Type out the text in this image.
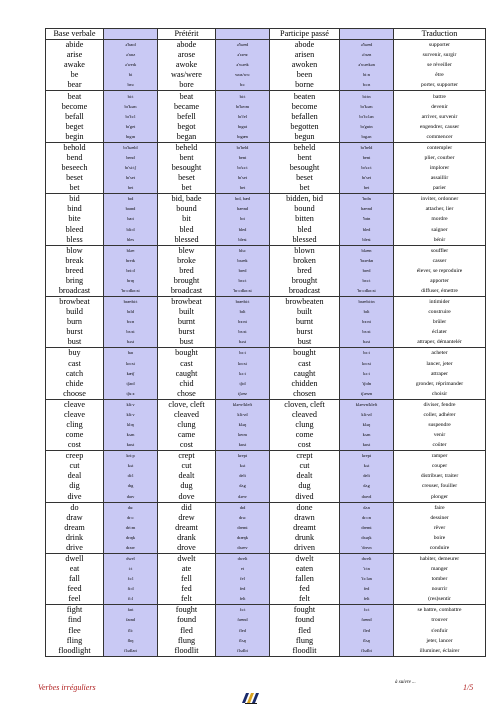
Base verbale		Prétérit		Participe passé		Traduction
abide	ə'baɪd	abode	ə'bəʊd	abode	ə'bəʊd	supporter
arise	ə'raɪz	arose	ə'rəʊz	arisen	ə'rɪzn	survenir, surgir
awake	ə'weɪk	awoke	ə'wəʊk	awoken	ə'wəʊkən	se réveiller
be	bi	was/were	wɒz/wɜː	been	biːn	être
bear	beə	bore	bɔː	borne	bɔːn	porter, supporter
beat	biːt	beat	biːt	beaten	biːtn	battre
become	bɪ'kʌm	became	bɪ'keɪm	become	bɪ'kʌm	devenir
befall	bɪ'fɔːl	befell	bɪ'fel	befallen	bɪ'fɔːlən	arriver, survenir
beget	bɪ'get	begot	bɪgɒt	begotten	bɪ'gɒtn	engendrer, causer
begin	bɪgɪn	began	bɪgæn	begun	bɪgʌn	commencer
behold	bɪ'həʊld	beheld	bɪ'held	beheld	bɪ'held	contempler
bend	bend	bent	bent	bent	bent	plier, courber
beseech	bɪ'siːtʃ	besought	bɪ'sɔːt	besought	bɪ'sɔːt	implorer
beset	bɪ'set	beset	bɪ'set	beset	bɪ'set	assaillir
bet	bet	bet	bet	bet	bet	parier
bid	bɪd	bid, bade	bɪd, bæd	bidden, bid	'bɪdn	inviter, ordonner
bind	baɪnd	bound	baʊnd	bound	baʊnd	attacher, lier
bite	baɪt	bit	bɪt	bitten	'bɪtn	mordre
bleed	bliːd	bled	bled	bled	bled	saigner
bless	bles	blessed	blest	blessed	blest	bénir
blow	bləʊ	blew	bluː	blown	bləʊn	souffler
break	breɪk	broke	brəʊk	broken	'brəʊkn	casser
breed	briːd	bred	bred	bred	bred	élever, se reproduire
bring	brɪŋ	brought	brɔːt	brought	brɔːt	apporter
broadcast	'brɔːdkɑːst	broadcast	'brɔːdkɑːst	broadcast	'brɔːdkɑːst	diffuser, émettre
browbeat	braʊbiːt	browbeat	braʊbiːt	browbeaten	braʊbiːtn	intimider
build	bɪld	built	bɪlt	built	bɪlt	construire
burn	bɜːn	burnt	bɜːnt	burnt	bɜːnt	brûler
burst	bɜːst	burst	bɜːst	burst	bɜːst	éclater
bust	bʌst	bust	bʌst	bust	bʌst	attraper, démantelér
buy	baɪ	bought	bɔːt	bought	bɔːt	acheter
cast	kɑːst	cast	kɑːst	cast	kɑːst	lancer, jeter
catch	kætʃ	caught	kɔːt	caught	kɔːt	attraper
chide	tʃaɪd	chid	tʃɪd	chidden	'tʃɪdn	gronder, réprimander
choose	tʃuːz	chose	tʃəʊz	chosen	tʃəʊzn	choisir
cleave	kliːv	clove, cleft	kləʊv/kleft	cloven, cleft	kləʊvn/kleft	diviser, fendre
cleave	kliːv	cleaved	kliːvd	cleaved	kliːvd	coller, adhérer
cling	klɪŋ	clung	klʌŋ	clung	klʌŋ	suspendre
come	kʌm	came	keɪm	come	kʌm	venir
cost	kɒst	cost	kɒst	cost	kɒst	coûter
creep	kriːp	crept	krept	crept	krept	ramper
cut	kʌt	cut	kʌt	cut	kʌt	couper
deal	diːl	dealt	delt	dealt	delt	distribuer, traiter
dig	dɪg	dug	dʌg	dug	dʌg	creuser, fouiller
dive	daɪv	dove	dəʊv	dived	daɪvd	plonger
do	duː	did	dɪd	done	dʌn	faire
draw	drɔː	drew	druː	drawn	drɔːn	dessiner
dream	driːm	dreamt	dremt	dreamt	dremt	rêver
drink	drɪŋk	drank	dræŋk	drunk	drʌŋk	boire
drive	draɪv	drove	drəʊv	driven	'drɪvn	conduire
dwell	dwel	dwelt	dwelt	dwelt	dwelt	habiter, demeurer
eat	iːt	ate	et	eaten	'iːtn	manger
fall	fɔːl	fell	fel	fallen	'fɔːlən	tomber
feed	fiːd	fed	fed	fed	fed	nourrir
feel	fiːl	felt	felt	felt	felt	(res)sentir
fight	faɪt	fought	fɔːt	fought	fɔːt	se battre, combattre
find	faɪnd	found	faʊnd	found	faʊnd	trouver
flee	fliː	fled	fled	fled	fled	s'enfuir
fling	flɪŋ	flung	flʌŋ	flung	flʌŋ	jeter, lancer
floodlight	flʌdlaɪt	floodlit	flʌdlɪt	floodlit	flʌdlɪt	illuminer, éclairer
à suivre ...
Verbes irréguliers	1/5
▬▬▬▬
